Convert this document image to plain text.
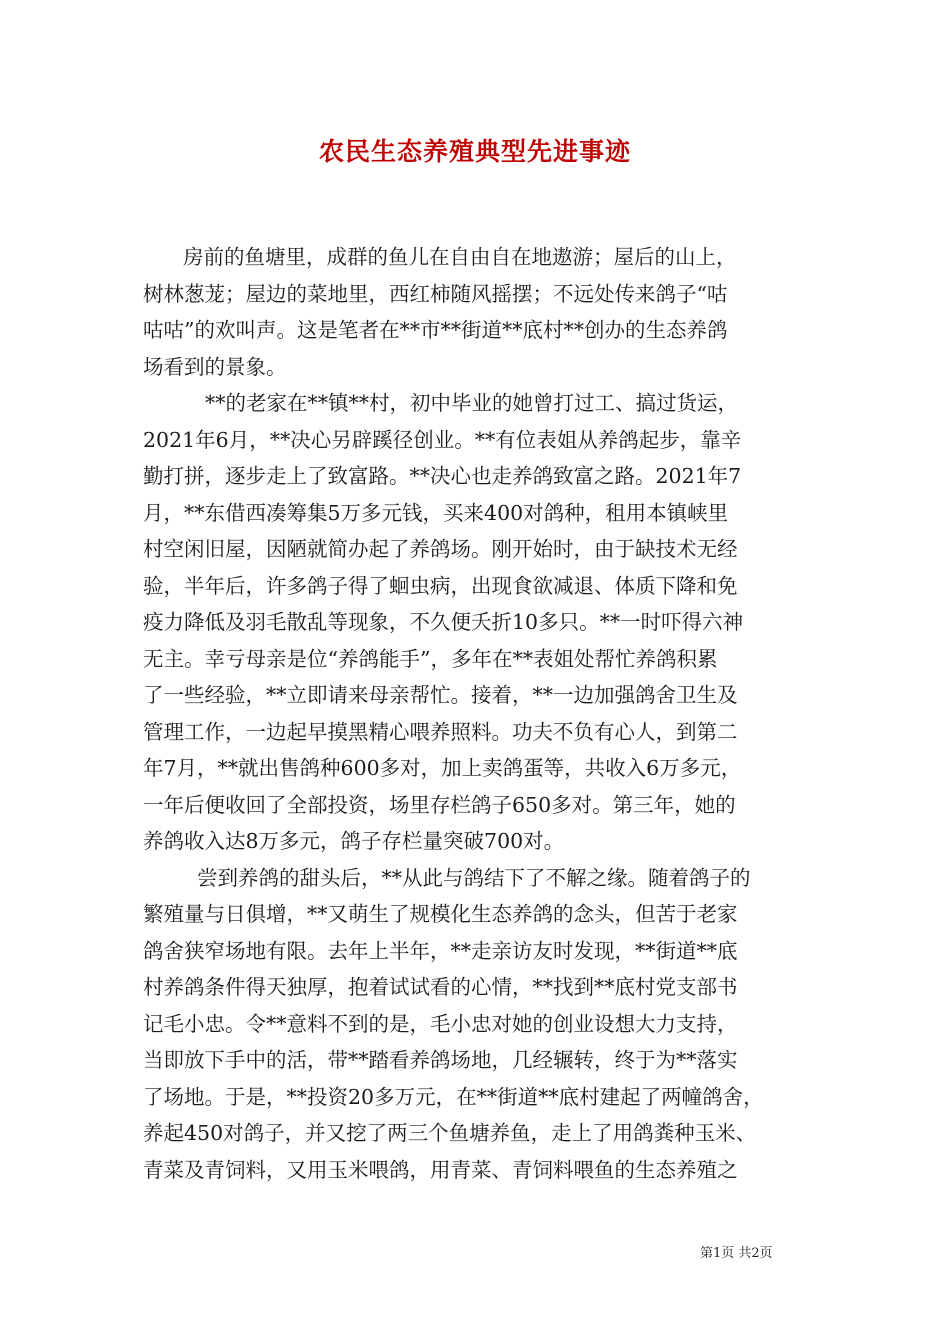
农民生态养殖典型先进事迹
房前的鱼塘里，成群的鱼儿在自由自在地遨游；屋后的山上，
树林葱茏；屋边的菜地里，西红柿随风摇摆；不远处传来鸽子“咕
咕咕”的欢叫声。这是笔者在**市**街道**底村**创办的生态养鸽
场看到的景象。
**的老家在**镇**村，初中毕业的她曾打过工、搞过货运，
2021年6月，**决心另辟蹊径创业。**有位表姐从养鸽起步，靠辛
勤打拼，逐步走上了致富路。**决心也走养鸽致富之路。2021年7
月，**东借西凑筹集5万多元钱，买来400对鸽种，租用本镇峡里
村空闲旧屋，因陋就简办起了养鸽场。刚开始时，由于缺技术无经
验，半年后，许多鸽子得了蛔虫病，出现食欲减退、体质下降和免
疫力降低及羽毛散乱等现象，不久便夭折10多只。**一时吓得六神
无主。幸亏母亲是位“养鸽能手”，多年在**表姐处帮忙养鸽积累
了一些经验，**立即请来母亲帮忙。接着，**一边加强鸽舍卫生及
管理工作，一边起早摸黑精心喂养照料。功夫不负有心人，到第二
年7月，**就出售鸽种600多对，加上卖鸽蛋等，共收入6万多元，
一年后便收回了全部投资，场里存栏鸽子650多对。第三年，她的
养鸽收入达8万多元，鸽子存栏量突破700对。
尝到养鸽的甜头后，**从此与鸽结下了不解之缘。随着鸽子的
繁殖量与日俱增，**又萌生了规模化生态养鸽的念头，但苦于老家
鸽舍狭窄场地有限。去年上半年，**走亲访友时发现，**街道**底
村养鸽条件得天独厚，抱着试试看的心情，**找到**底村党支部书
记毛小忠。令**意料不到的是，毛小忠对她的创业设想大力支持，
当即放下手中的活，带**踏看养鸽场地，几经辗转，终于为**落实
了场地。于是，**投资20多万元，在**街道**底村建起了两幢鸽舍，
养起450对鸽子，并又挖了两三个鱼塘养鱼，走上了用鸽粪种玉米、
青菜及青饲料，又用玉米喂鸽，用青菜、青饲料喂鱼的生态养殖之
第1页 共2页
